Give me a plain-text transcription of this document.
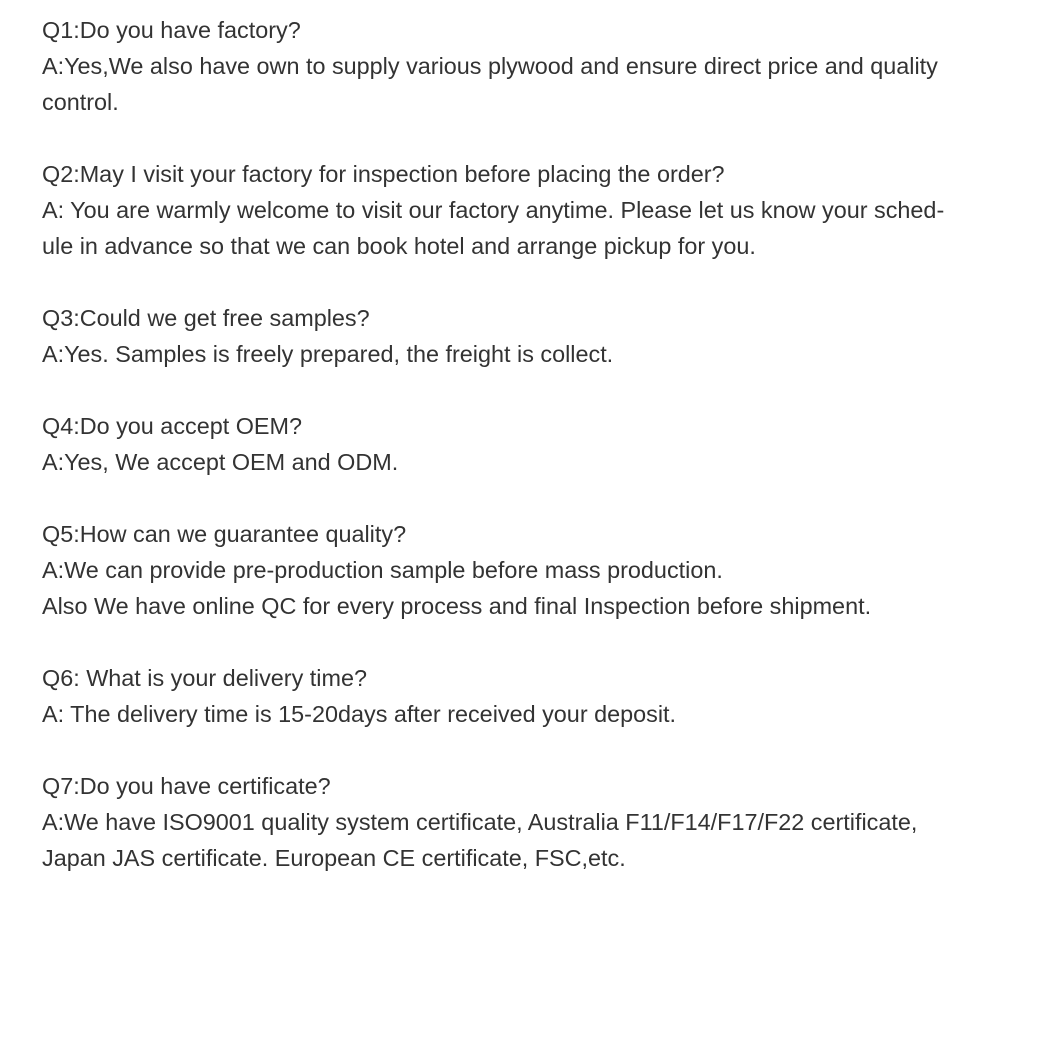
Q1:Do you have factory?
A:Yes,We also have own to supply various plywood and ensure direct price and quality
control.
Q2:May I visit your factory for inspection before placing the order?
A: You are warmly welcome to visit our factory anytime. Please let us know your sched-
ule in advance so that we can book hotel and arrange pickup for you.
Q3:Could we get free samples?
A:Yes. Samples is freely prepared, the freight is collect.
Q4:Do you accept OEM?
A:Yes, We accept OEM and ODM.
Q5:How can we guarantee quality?
A:We can provide pre-production sample before mass production.
Also We have online QC for every process and final Inspection before shipment.
Q6: What is your delivery time?
A: The delivery time is 15-20days after received your deposit.
Q7:Do you have certificate?
A:We have ISO9001 quality system certificate, Australia F11/F14/F17/F22 certificate,
Japan JAS certificate. European CE certificate, FSC,etc.
